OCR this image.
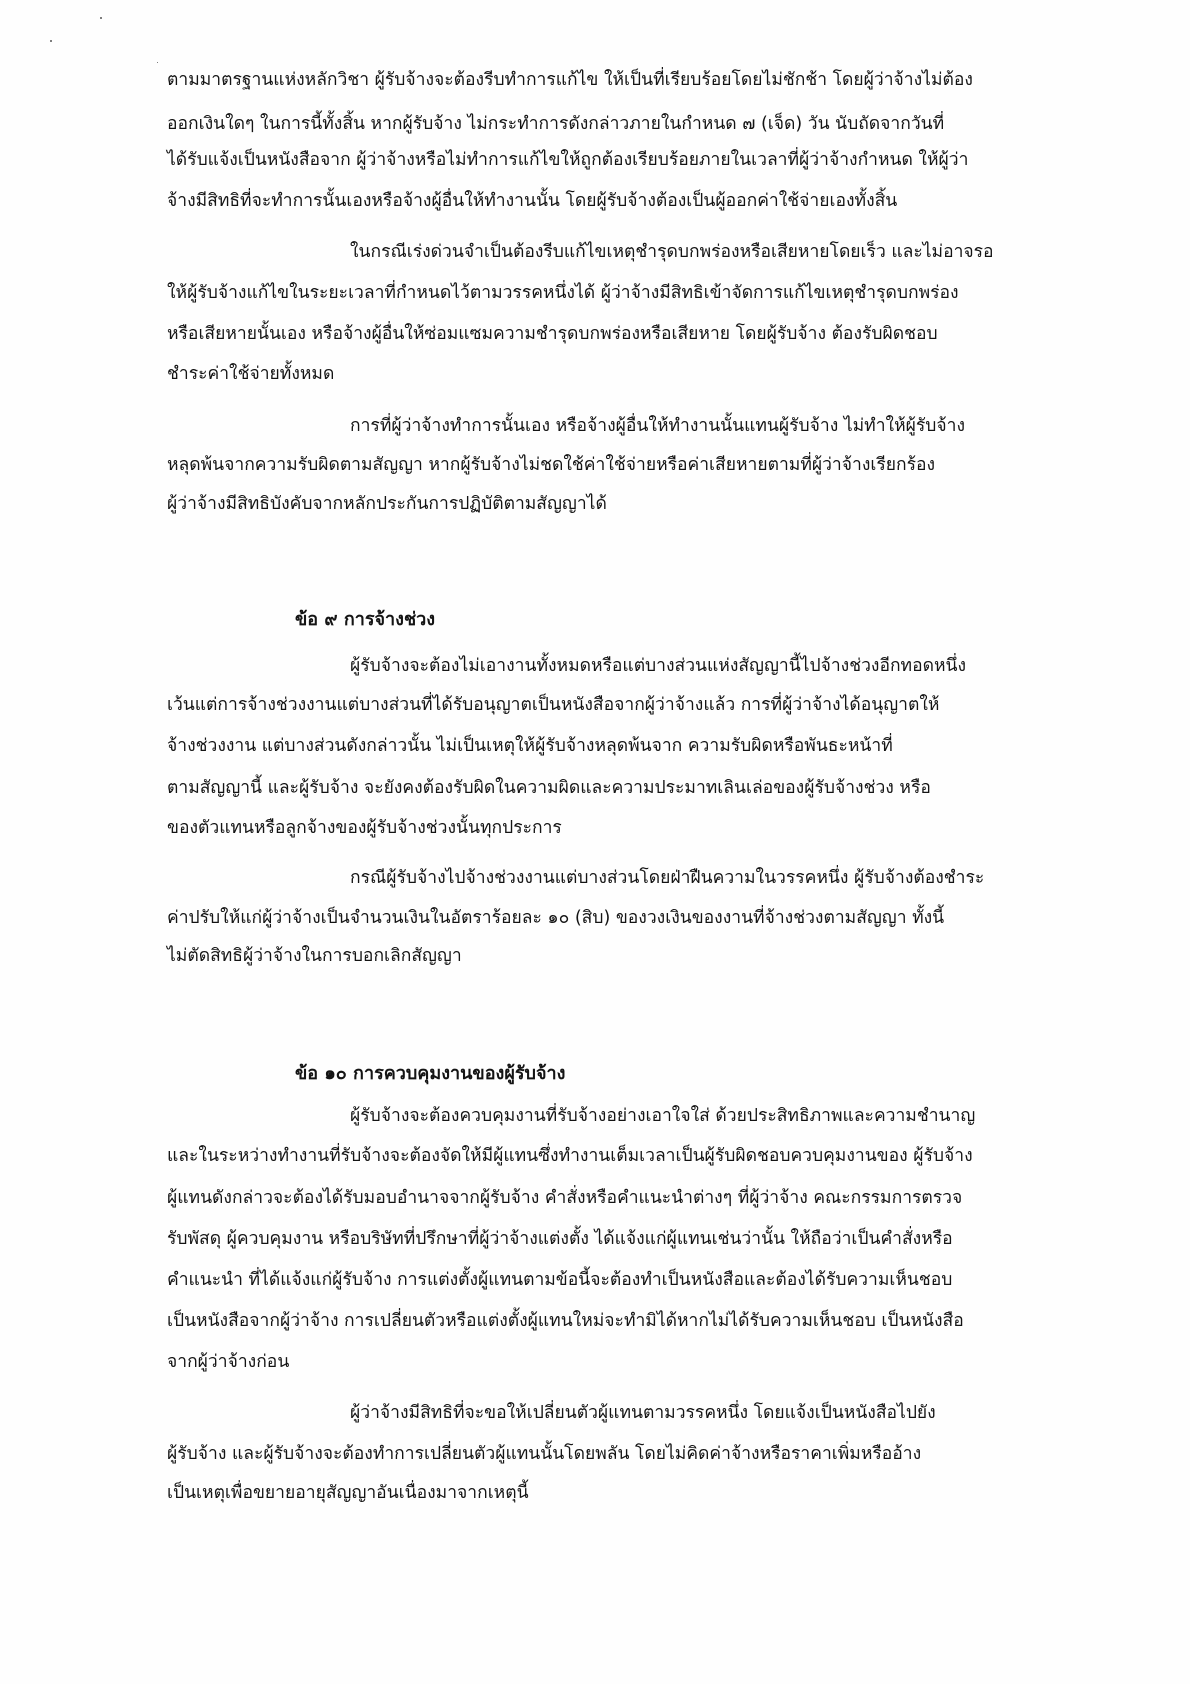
ตามมาตรฐานแห่งหลักวิชา ผู้รับจ้างจะต้องรีบทำการแก้ไข ให้เป็นที่เรียบร้อยโดยไม่ชักช้า โดยผู้ว่าจ้างไม่ต้อง
ออกเงินใดๆ ในการนี้ทั้งสิ้น หากผู้รับจ้าง ไม่กระทำการดังกล่าวภายในกำหนด ๗ (เจ็ด) วัน นับถัดจากวันที่
ได้รับแจ้งเป็นหนังสือจาก ผู้ว่าจ้างหรือไม่ทำการแก้ไขให้ถูกต้องเรียบร้อยภายในเวลาที่ผู้ว่าจ้างกำหนด ให้ผู้ว่า
จ้างมีสิทธิที่จะทำการนั้นเองหรือจ้างผู้อื่นให้ทำงานนั้น โดยผู้รับจ้างต้องเป็นผู้ออกค่าใช้จ่ายเองทั้งสิ้น
ในกรณีเร่งด่วนจำเป็นต้องรีบแก้ไขเหตุชำรุดบกพร่องหรือเสียหายโดยเร็ว และไม่อาจรอ
ให้ผู้รับจ้างแก้ไขในระยะเวลาที่กำหนดไว้ตามวรรคหนึ่งได้ ผู้ว่าจ้างมีสิทธิเข้าจัดการแก้ไขเหตุชำรุดบกพร่อง
หรือเสียหายนั้นเอง หรือจ้างผู้อื่นให้ซ่อมแซมความชำรุดบกพร่องหรือเสียหาย โดยผู้รับจ้าง ต้องรับผิดชอบ
ชำระค่าใช้จ่ายทั้งหมด
การที่ผู้ว่าจ้างทำการนั้นเอง หรือจ้างผู้อื่นให้ทำงานนั้นแทนผู้รับจ้าง ไม่ทำให้ผู้รับจ้าง
หลุดพ้นจากความรับผิดตามสัญญา หากผู้รับจ้างไม่ชดใช้ค่าใช้จ่ายหรือค่าเสียหายตามที่ผู้ว่าจ้างเรียกร้อง
ผู้ว่าจ้างมีสิทธิบังคับจากหลักประกันการปฏิบัติตามสัญญาได้
ข้อ ๙ การจ้างช่วง
ผู้รับจ้างจะต้องไม่เอางานทั้งหมดหรือแต่บางส่วนแห่งสัญญานี้ไปจ้างช่วงอีกทอดหนึ่ง
เว้นแต่การจ้างช่วงงานแต่บางส่วนที่ได้รับอนุญาตเป็นหนังสือจากผู้ว่าจ้างแล้ว การที่ผู้ว่าจ้างได้อนุญาตให้
จ้างช่วงงาน แต่บางส่วนดังกล่าวนั้น ไม่เป็นเหตุให้ผู้รับจ้างหลุดพ้นจาก ความรับผิดหรือพันธะหน้าที่
ตามสัญญานี้ และผู้รับจ้าง จะยังคงต้องรับผิดในความผิดและความประมาทเลินเล่อของผู้รับจ้างช่วง หรือ
ของตัวแทนหรือลูกจ้างของผู้รับจ้างช่วงนั้นทุกประการ
กรณีผู้รับจ้างไปจ้างช่วงงานแต่บางส่วนโดยฝ่าฝืนความในวรรคหนึ่ง ผู้รับจ้างต้องชำระ
ค่าปรับให้แก่ผู้ว่าจ้างเป็นจำนวนเงินในอัตราร้อยละ ๑๐ (สิบ) ของวงเงินของงานที่จ้างช่วงตามสัญญา ทั้งนี้
ไม่ตัดสิทธิผู้ว่าจ้างในการบอกเลิกสัญญา
ข้อ ๑๐ การควบคุมงานของผู้รับจ้าง
ผู้รับจ้างจะต้องควบคุมงานที่รับจ้างอย่างเอาใจใส่ ด้วยประสิทธิภาพและความชำนาญ
และในระหว่างทำงานที่รับจ้างจะต้องจัดให้มีผู้แทนซึ่งทำงานเต็มเวลาเป็นผู้รับผิดชอบควบคุมงานของ ผู้รับจ้าง
ผู้แทนดังกล่าวจะต้องได้รับมอบอำนาจจากผู้รับจ้าง คำสั่งหรือคำแนะนำต่างๆ ที่ผู้ว่าจ้าง คณะกรรมการตรวจ
รับพัสดุ ผู้ควบคุมงาน หรือบริษัทที่ปรึกษาที่ผู้ว่าจ้างแต่งตั้ง ได้แจ้งแก่ผู้แทนเช่นว่านั้น ให้ถือว่าเป็นคำสั่งหรือ
คำแนะนำ ที่ได้แจ้งแก่ผู้รับจ้าง การแต่งตั้งผู้แทนตามข้อนี้จะต้องทำเป็นหนังสือและต้องได้รับความเห็นชอบ
เป็นหนังสือจากผู้ว่าจ้าง การเปลี่ยนตัวหรือแต่งตั้งผู้แทนใหม่จะทำมิได้หากไม่ได้รับความเห็นชอบ เป็นหนังสือ
จากผู้ว่าจ้างก่อน
ผู้ว่าจ้างมีสิทธิที่จะขอให้เปลี่ยนตัวผู้แทนตามวรรคหนึ่ง โดยแจ้งเป็นหนังสือไปยัง
ผู้รับจ้าง และผู้รับจ้างจะต้องทำการเปลี่ยนตัวผู้แทนนั้นโดยพลัน โดยไม่คิดค่าจ้างหรือราคาเพิ่มหรืออ้าง
เป็นเหตุเพื่อขยายอายุสัญญาอันเนื่องมาจากเหตุนี้
